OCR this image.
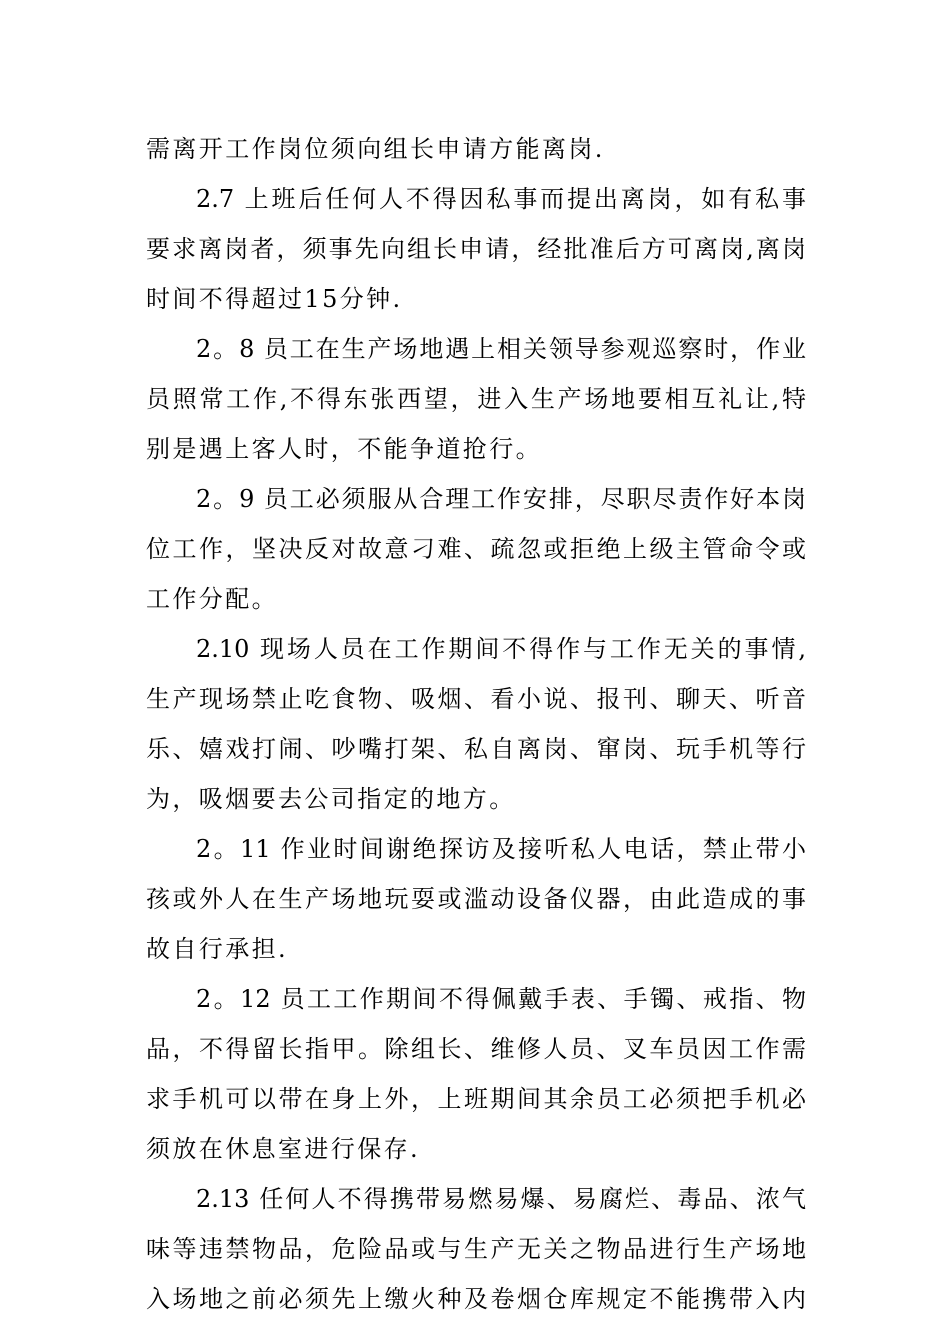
需离开工作岗位须向组长申请方能离岗.

2.7 上班后任何人不得因私事而提出离岗，如有私事
要求离岗者，须事先向组长申请，经批准后方可离岗,离岗
时间不得超过15分钟.

2。8 员工在生产场地遇上相关领导参观巡察时，作业
员照常工作,不得东张西望，进入生产场地要相互礼让,特
别是遇上客人时，不能争道抢行。

2。9 员工必须服从合理工作安排，尽职尽责作好本岗
位工作，坚决反对故意刁难、疏忽或拒绝上级主管命令或
工作分配。

2.10 现场人员在工作期间不得作与工作无关的事情,
生产现场禁止吃食物、吸烟、看小说、报刊、聊天、听音
乐、嬉戏打闹、吵嘴打架、私自离岗、窜岗、玩手机等行
为，吸烟要去公司指定的地方。

2。11 作业时间谢绝探访及接听私人电话，禁止带小
孩或外人在生产场地玩耍或滥动设备仪器，由此造成的事
故自行承担.

2。12 员工工作期间不得佩戴手表、手镯、戒指、物
品，不得留长指甲。除组长、维修人员、叉车员因工作需
求手机可以带在身上外，上班期间其余员工必须把手机必
须放在休息室进行保存.

2.13 任何人不得携带易燃易爆、易腐烂、毒品、浓气
味等违禁物品，危险品或与生产无关之物品进行生产场地
入场地之前必须先上缴火种及卷烟仓库规定不能携带入内
